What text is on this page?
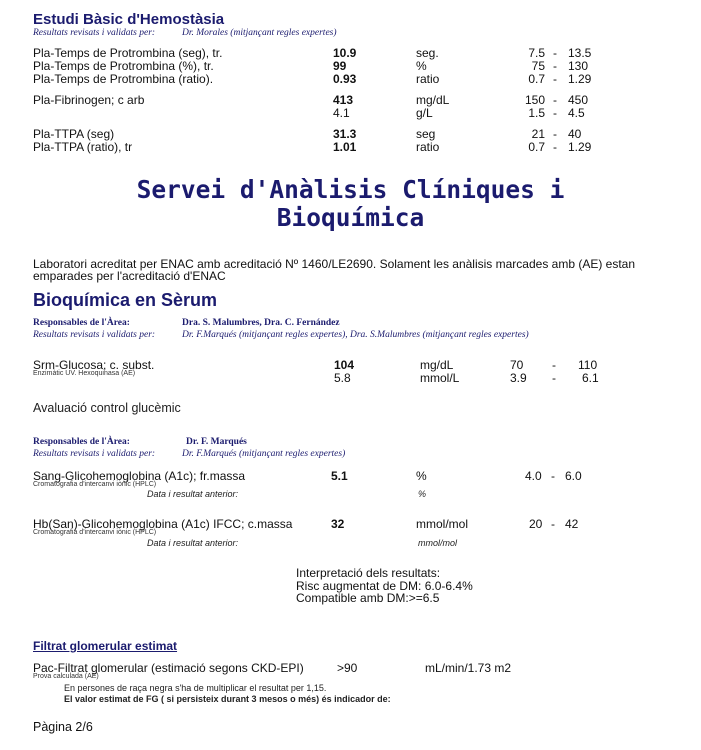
Estudi Bàsic d'Hemostàsia
Resultats revisats i validats per:	Dr. Morales (mitjançant regles expertes)
Pla-Temps de Protrombina (seg), tr.	10.9	seg.	7.5 - 13.5
Pla-Temps de Protrombina (%), tr.	99	%	75 - 130
Pla-Temps de Protrombina (ratio).	0.93	ratio	0.7 - 1.29
Pla-Fibrinogen; c arb	413	mg/dL	150 - 450
4.1	g/L	1.5 - 4.5
Pla-TTPA (seg)	31.3	seg	21 - 40
Pla-TTPA (ratio), tr	1.01	ratio	0.7 - 1.29
Servei d'Anàlisis Clíniques i
Bioquímica
Laboratori acreditat per ENAC amb acreditació Nº 1460/LE2690. Solament les anàlisis marcades amb (AE) estan
emparades per l'acreditació d'ENAC
Bioquímica en Sèrum
Responsables de l'Àrea:	Dra. S. Malumbres, Dra. C. Fernández
Resultats revisats i validats per:	Dr. F.Marqués (mitjançant regles expertes), Dra. S.Malumbres (mitjançant regles expertes)
Srm-Glucosa; c. subst.
Enzimàtic UV. Hexoquinasa (AE)
104	mg/dL	70 - 110
5.8	mmol/L	3.9 - 6.1
Avaluació control glucèmic
Responsables de l'Àrea:	Dr. F. Marqués
Resultats revisats i validats per:	Dr. F.Marqués (mitjançant regles expertes)
Sang-Glicohemoglobina (A1c); fr.massa
Cromatografia d'intercanvi iònic (HPLC)
5.1	%	4.0 - 6.0
Data i resultat anterior:	%
Hb(San)-Glicohemoglobina (A1c) IFCC; c.massa
Cromatografia d'intercanvi iònic (HPLC)
32	mmol/mol	20 - 42
Data i resultat anterior:	mmol/mol
Interpretació dels resultats:
Risc augmentat de DM: 6.0-6.4%
Compatible amb DM:>=6.5
Filtrat glomerular estimat
Pac-Filtrat glomerular (estimació segons CKD-EPI)
Prova calculada (AE)
>90	mL/min/1.73 m2
En persones de raça negra s'ha de multiplicar el resultat per 1,15.
El valor estimat de FG ( si persisteix durant 3 mesos o més) és indicador de:
Pàgina 2/6
